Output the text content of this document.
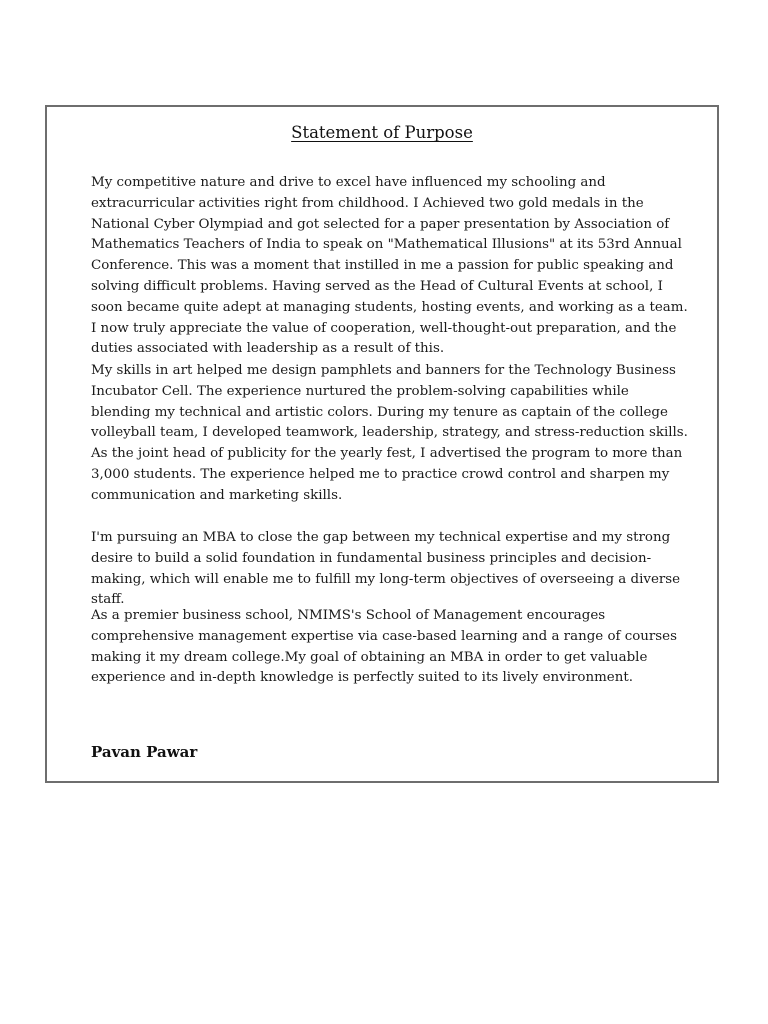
Statement of Purpose

My competitive nature and drive to excel have influenced my schooling and extracurricular activities right from childhood. I Achieved two gold medals in the National Cyber Olympiad and got selected for a paper presentation by Association of Mathematics Teachers of India to speak on "Mathematical Illusions" at its 53rd Annual Conference. This was a moment that instilled in me a passion for public speaking and solving difficult problems. Having served as the Head of Cultural Events at school, I soon became quite adept at managing students, hosting events, and working as a team. I now truly appreciate the value of cooperation, well-thought-out preparation, and the duties associated with leadership as a result of this.

My skills in art helped me design pamphlets and banners for the Technology Business Incubator Cell. The experience nurtured the problem-solving capabilities while blending my technical and artistic colors. During my tenure as captain of the college volleyball team, I developed teamwork, leadership, strategy, and stress-reduction skills. As the joint head of publicity for the yearly fest, I advertised the program to more than 3,000 students. The experience helped me to practice crowd control and sharpen my communication and marketing skills.

I'm pursuing an MBA to close the gap between my technical expertise and my strong desire to build a solid foundation in fundamental business principles and decision-making, which will enable me to fulfill my long-term objectives of overseeing a diverse staff.

As a premier business school, NMIMS's School of Management encourages comprehensive management expertise via case-based learning and a range of courses making it my dream college.My goal of obtaining an MBA in order to get valuable experience and in-depth knowledge is perfectly suited to its lively environment.

Pavan Pawar
